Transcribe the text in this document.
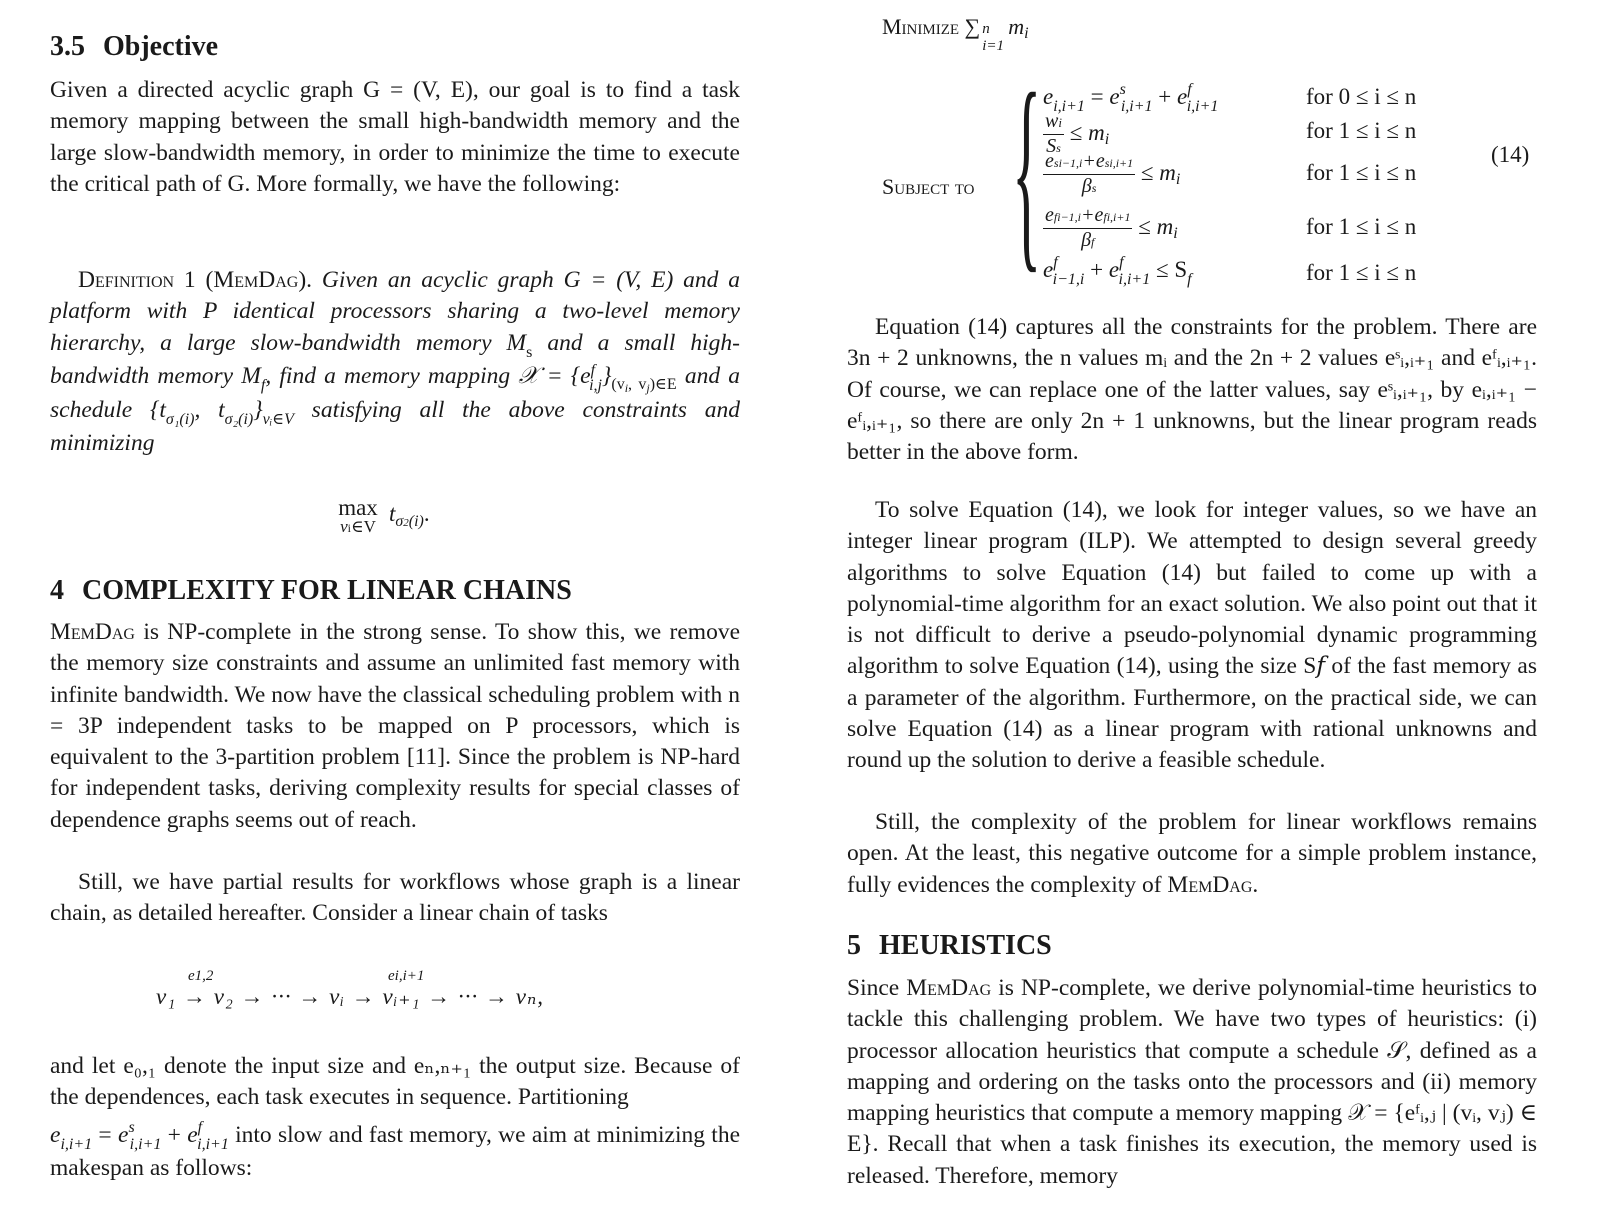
3.5 Objective
Given a directed acyclic graph G = (V, E), our goal is to find a task memory mapping between the small high-bandwidth memory and the large slow-bandwidth memory, in order to minimize the time to execute the critical path of G. More formally, we have the following:
Definition 1 (MemDag). Given an acyclic graph G = (V, E) and a platform with P identical processors sharing a two-level memory hierarchy, a large slow-bandwidth memory $M_s$ and a small high- bandwidth memory $M_f$, find a memory mapping 𝒳 = $\{e^f_{i,j}\}_{(vi, vj)\in E}$ and a schedule {$t_{\sigma_1(i)}$, $t_{\sigma_2(i)}\}_{vᵢ\in V}$ satisfying all the above constraints and minimizing
max
vi∈V
$t_{\sigma 2(i)}$.
4 COMPLEXITY FOR LINEAR CHAINS
MemDag is NP-complete in the strong sense. To show this, we remove the memory size constraints and assume an unlimited fast memory with infinite bandwidth. We now have the classical scheduling problem with n = 3P independent tasks to be mapped on P processors, which is equivalent to the 3-partition problem [11]. Since the problem is NP-hard for independent tasks, deriving complexity results for special classes of dependence graphs seems out of reach.
Still, we have partial results for workflows whose graph is a linear chain, as detailed hereafter. Consider a linear chain of tasks
e1,2	ei,i+1
v₁ → v₂ → ··· → vᵢ → vᵢ₊₁ → ··· → vₙ,
and let e₀,₁ denote the input size and eₙ,ₙ₊₁ the output size. Because of the dependences, each task executes in sequence. Partitioning
$e_{i,i+1} = e^s_{i,i+1} + e^f_{i,i+1}$ into slow and fast memory, we aim at minimizing the makespan as follows:
Minimize ∑ n
i=1
mi
Subject to { $e_{i,i+1} = e^s_{i,i+1} + e^f_{i,i+1}$
$\frac{wi}{Ss}$ ≤ mi
$\frac{\text{esi−1,i+esi,i+1}}{\beta s}$ ≤ mi
$\frac{\text{efi−1,i+efi,i+1}}{\beta f}$ ≤ mi
$e^f_{i-1,i} + e^f_{i,i+1} \le S_f$
for 0 ≤ i ≤ n
for 1 ≤ i ≤ n
for 1 ≤ i ≤ n
for 1 ≤ i ≤ n
for 1 ≤ i ≤ n
(14)
Equation (14) captures all the constraints for the problem. There are 3n + 2 unknowns, the n values mᵢ and the 2n + 2 values eˢᵢ,ᵢ₊₁ and eᶠᵢ,ᵢ₊₁. Of course, we can replace one of the latter values, say eˢᵢ,ᵢ₊₁, by eᵢ,ᵢ₊₁ − eᶠᵢ,ᵢ₊₁, so there are only 2n + 1 unknowns, but the linear program reads better in the above form.
To solve Equation (14), we look for integer values, so we have an integer linear program (ILP). We attempted to design several greedy algorithms to solve Equation (14) but failed to come up with a polynomial-time algorithm for an exact solution. We also point out that it is not difficult to derive a pseudo-polynomial dynamic programming algorithm to solve Equation (14), using the size S𝑓 of the fast memory as a parameter of the algorithm. Furthermore, on the practical side, we can solve Equation (14) as a linear program with rational unknowns and round up the solution to derive a feasible schedule.
Still, the complexity of the problem for linear workflows remains open. At the least, this negative outcome for a simple problem instance, fully evidences the complexity of MemDag.
5 HEURISTICS
Since MemDag is NP-complete, we derive polynomial-time heuristics to tackle this challenging problem. We have two types of heuristics: (i) processor allocation heuristics that compute a schedule 𝒮, defined as a mapping and ordering on the tasks onto the processors and (ii) memory mapping heuristics that compute a memory mapping 𝒳 = {eᶠᵢ,ⱼ | (vᵢ, vⱼ) ∈ E}. Recall that when a task finishes its execution, the memory used is released. Therefore, memory
